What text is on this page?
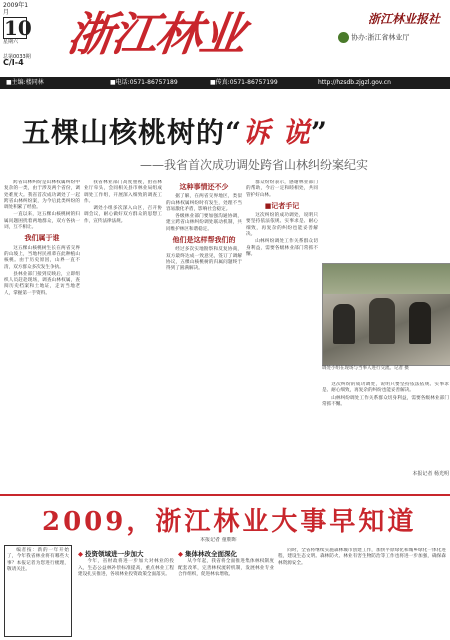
2009年1月
10
星期六
总第0033期
C/I-4
浙江林业	浙江林业报社
协办:浙江省林业厅
■主编:楼同林	■电话:0571-86757189	■传真:0571-86757199	http://hzsdb.zjgzl.gov.cn
五棵山核桃树的“诉 说”
——我省首次成功调处跨省山林纠纷案纪实

跨省山林纠纷是山林权属纠纷中复杂的一类，由于涉及两个省份，调处难度大。我省首次成功调处了一起跨省山林纠纷案，为今后此类纠纷的调处积累了经验。

一直以来，这五棵山核桃树的归属问题困扰着两地群众，双方各执一词，互不相让。

我们属于谁

这五棵山核桃树生长在两省交界的山坡上，当地村民祖辈在此种植山核桃。由于历史原因，山界一直不清，双方群众多次发生争执。

县林业部门接到反映后，立即组织人员赶赴现场，调查山林权属，查阅历史档案和土地证，走访当地老人，掌握第一手资料。

我省林业部门高度重视，由省林业厅牵头，会同相关县市林业局组成调处工作组，开展深入细致的调查工作。

调处小组多次深入山区，召开协调会议，耐心做好双方群众的思想工作，宣传法律法规。

这种事情还不少

据了解，在两省交界地区，类似的山林权属纠纷时有发生，处理不当容易激化矛盾，影响社会稳定。

各级林业部门要加强沟通协调，建立跨省山林纠纷调处联动机制，共同维护林区和谐稳定。

他们是这样帮我们的

经过多次实地勘察和反复协商，双方最终达成一致意见，签订了调解协议，五棵山核桃树的归属问题终于得到了圆满解决。

群众纷纷表示，感谢林业部门的帮助，今后一定和睦相处，共同管护好山林。

■记者手记

这次纠纷的成功调处，说明只要坚持依法依规、实事求是、耐心细致，再复杂的纠纷也能妥善解决。

山林纠纷调处工作关系群众切身利益，需要各级林业部门常抓不懈。

调处小组在现场与当事人进行交流。记者 摄

这次纠纷的成功调处，说明只要坚持依法依规、实事求是、耐心细致，再复杂的纠纷也能妥善解决。

山林纠纷调处工作关系群众切身利益，需要各级林业部门常抓不懈。

本报记者 杨光明
2009，浙江林业大事早知道
本报记者 童朝晖

编者按：新的一年开始了，今年我省林业将有哪些大事？本报记者为您进行梳理，敬请关注。

◆ 投资领域进一步加大

今年，省财政将进一步加大对林业的投入，生态公益林补偿标准提高，重点林业工程建设扎实推进，各项林业投资政策全面落实。

◆ 集体林改全面深化

从今年起，我省将全面推进集体林权制度配套改革，完善林权流转机制，发展林业专业合作组织，促进林农增收。

同时，全省将继续实施森林城市创建工作，加快平原绿化和城乡绿化一体化进程，建设生态文明。森林防火、林业有害生物防治等工作也将进一步加强，确保森林资源安全。
